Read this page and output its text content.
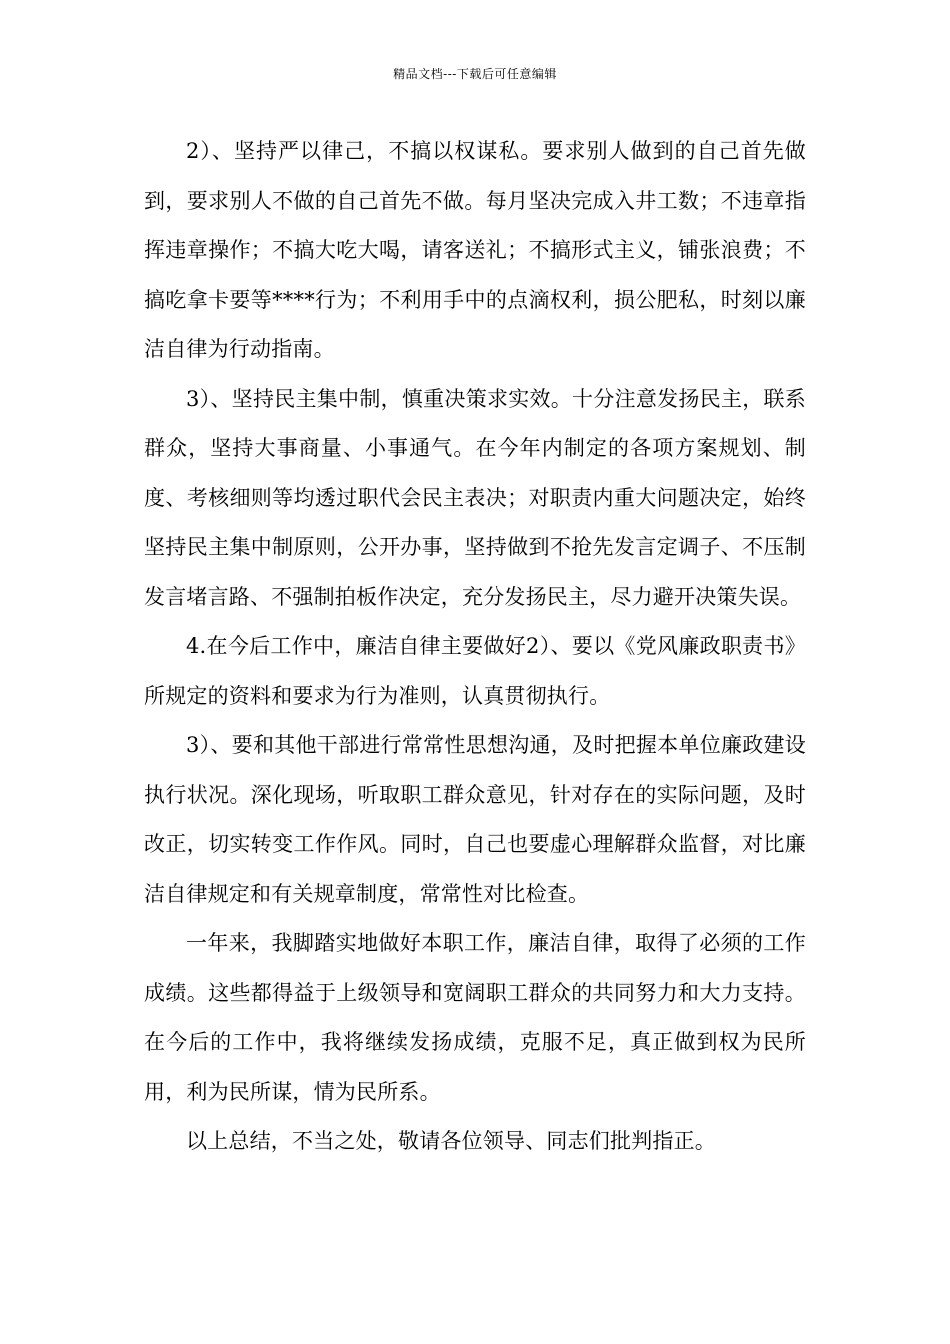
精品文档---下载后可任意编辑

2）、坚持严以律己，不搞以权谋私。要求别人做到的自己首先做到，要求别人不做的自己首先不做。每月坚决完成入井工数；不违章指挥违章操作；不搞大吃大喝，请客送礼；不搞形式主义，铺张浪费；不搞吃拿卡要等****行为；不利用手中的点滴权利，损公肥私，时刻以廉洁自律为行动指南。

3）、坚持民主集中制，慎重决策求实效。十分注意发扬民主，联系群众，坚持大事商量、小事通气。在今年内制定的各项方案规划、制度、考核细则等均透过职代会民主表决；对职责内重大问题决定，始终坚持民主集中制原则，公开办事，坚持做到不抢先发言定调子、不压制发言堵言路、不强制拍板作决定，充分发扬民主，尽力避开决策失误。

4.在今后工作中，廉洁自律主要做好2）、要以《党风廉政职责书》所规定的资料和要求为行为准则，认真贯彻执行。

3）、要和其他干部进行常常性思想沟通，及时把握本单位廉政建设执行状况。深化现场，听取职工群众意见，针对存在的实际问题，及时改正，切实转变工作作风。同时，自己也要虚心理解群众监督，对比廉洁自律规定和有关规章制度，常常性对比检查。

一年来，我脚踏实地做好本职工作，廉洁自律，取得了必须的工作成绩。这些都得益于上级领导和宽阔职工群众的共同努力和大力支持。在今后的工作中，我将继续发扬成绩，克服不足，真正做到权为民所用，利为民所谋，情为民所系。

以上总结，不当之处，敬请各位领导、同志们批判指正。
